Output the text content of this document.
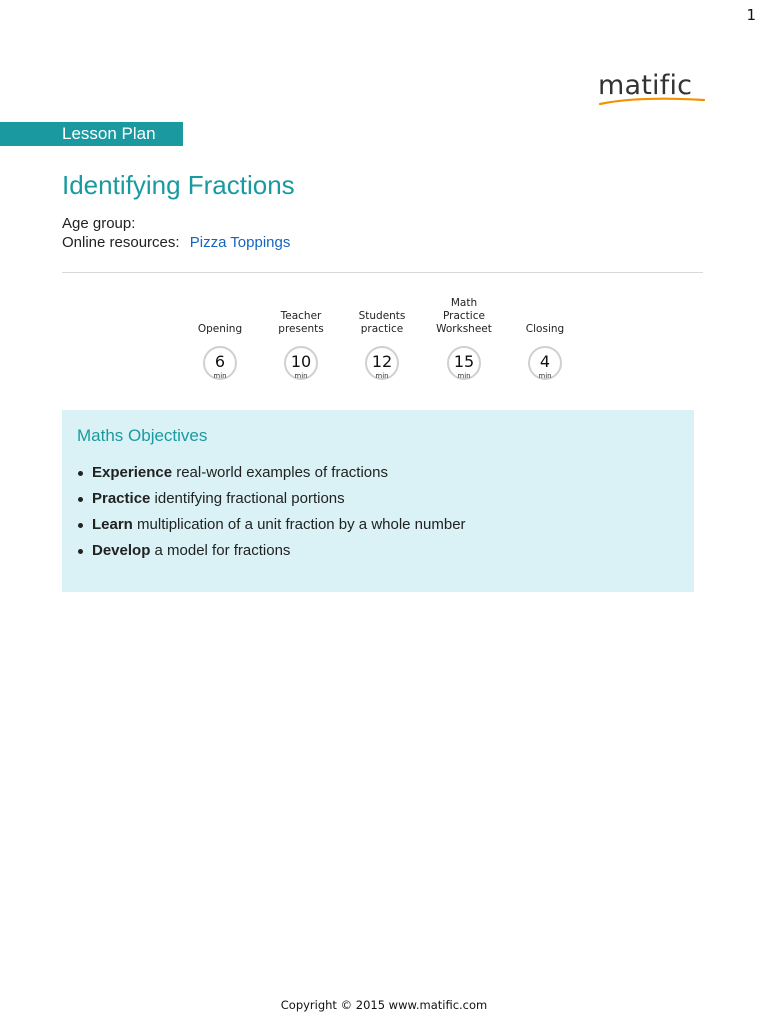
1
matific
Lesson Plan
Identifying Fractions
Age group:
Online resources: Pizza Toppings
Opening
6
min
Teacher
presents
10
min
Students
practice
12
min
Math
Practice
Worksheet
15
min
Closing
4
min
Maths Objectives
Experience real-world examples of fractions
Practice identifying fractional portions
Learn multiplication of a unit fraction by a whole number
Develop a model for fractions
Copyright © 2015 www.matific.com
